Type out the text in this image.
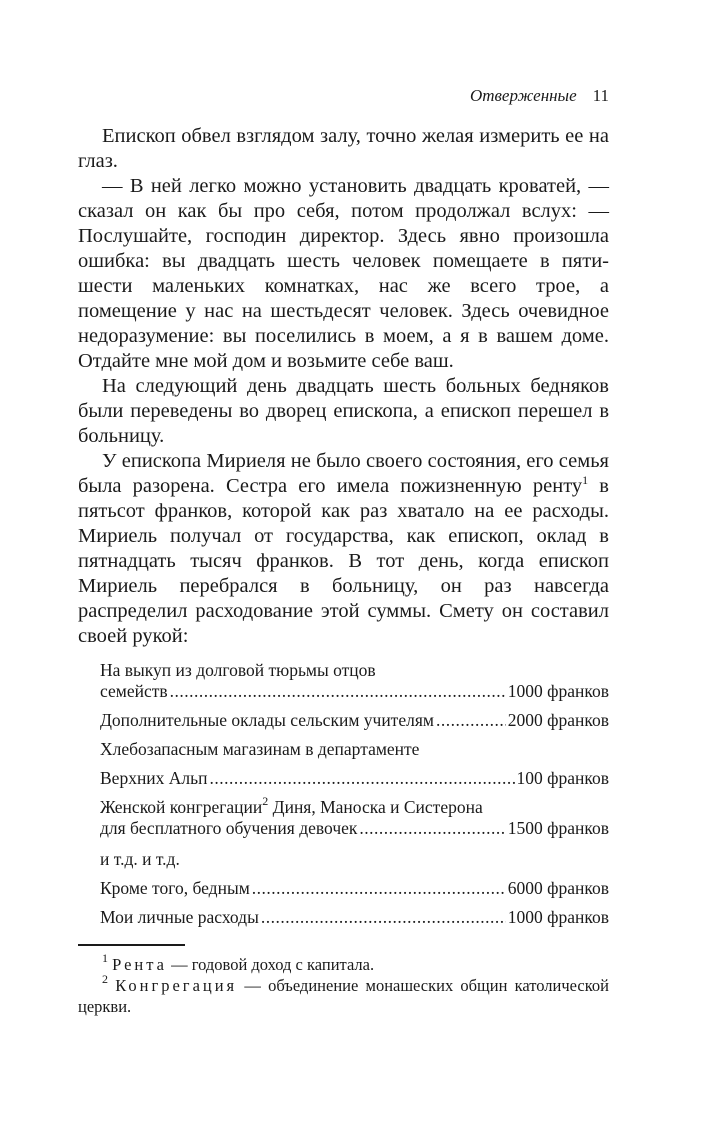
Отверженные 11

Епископ обвел взглядом залу, точно желая измерить ее на глаз.

— В ней легко можно установить двадцать кроватей, — сказал он как бы про себя, потом продолжал вслух: — Послушайте, господин директор. Здесь явно произошла ошибка: вы двадцать шесть человек помещаете в пяти-шести маленьких комнатках, нас же всего трое, а помещение у нас на шестьдесят человек. Здесь очевидное недоразумение: вы поселились в моем, а я в вашем доме. Отдайте мне мой дом и возьмите себе ваш.

На следующий день двадцать шесть больных бедняков были переведены во дворец епископа, а епископ перешел в больницу.

У епископа Мириеля не было своего состояния, его семья была разорена. Сестра его имела пожизненную ренту$^1$ в пятьсот франков, которой как раз хватало на ее расходы. Мириель получал от государства, как епископ, оклад в пятнадцать тысяч франков. В тот день, когда епископ Мириель перебрался в больницу, он раз навсегда распределил расходование этой суммы. Смету он составил своей рукой:

На выкуп из долговой тюрьмы отцов
семейств .....	1000 франков
Дополнительные оклады сельским учителям .....	2000 франков
Хлебозапасным магазинам в департаменте
Верхних Альп .....	100 франков
Женской конгрегации$^2$ Диня, Маноска и Систерона
для бесплатного обучения девочек .....	1500 франков
и т.д. и т.д.
Кроме того, бедным .....	6000 франков
Мои личные расходы .....	1000 франков

$^1$ Рента — годовой доход с капитала.

$^2$ Конгрегация — объединение монашеских общин католической церкви.
